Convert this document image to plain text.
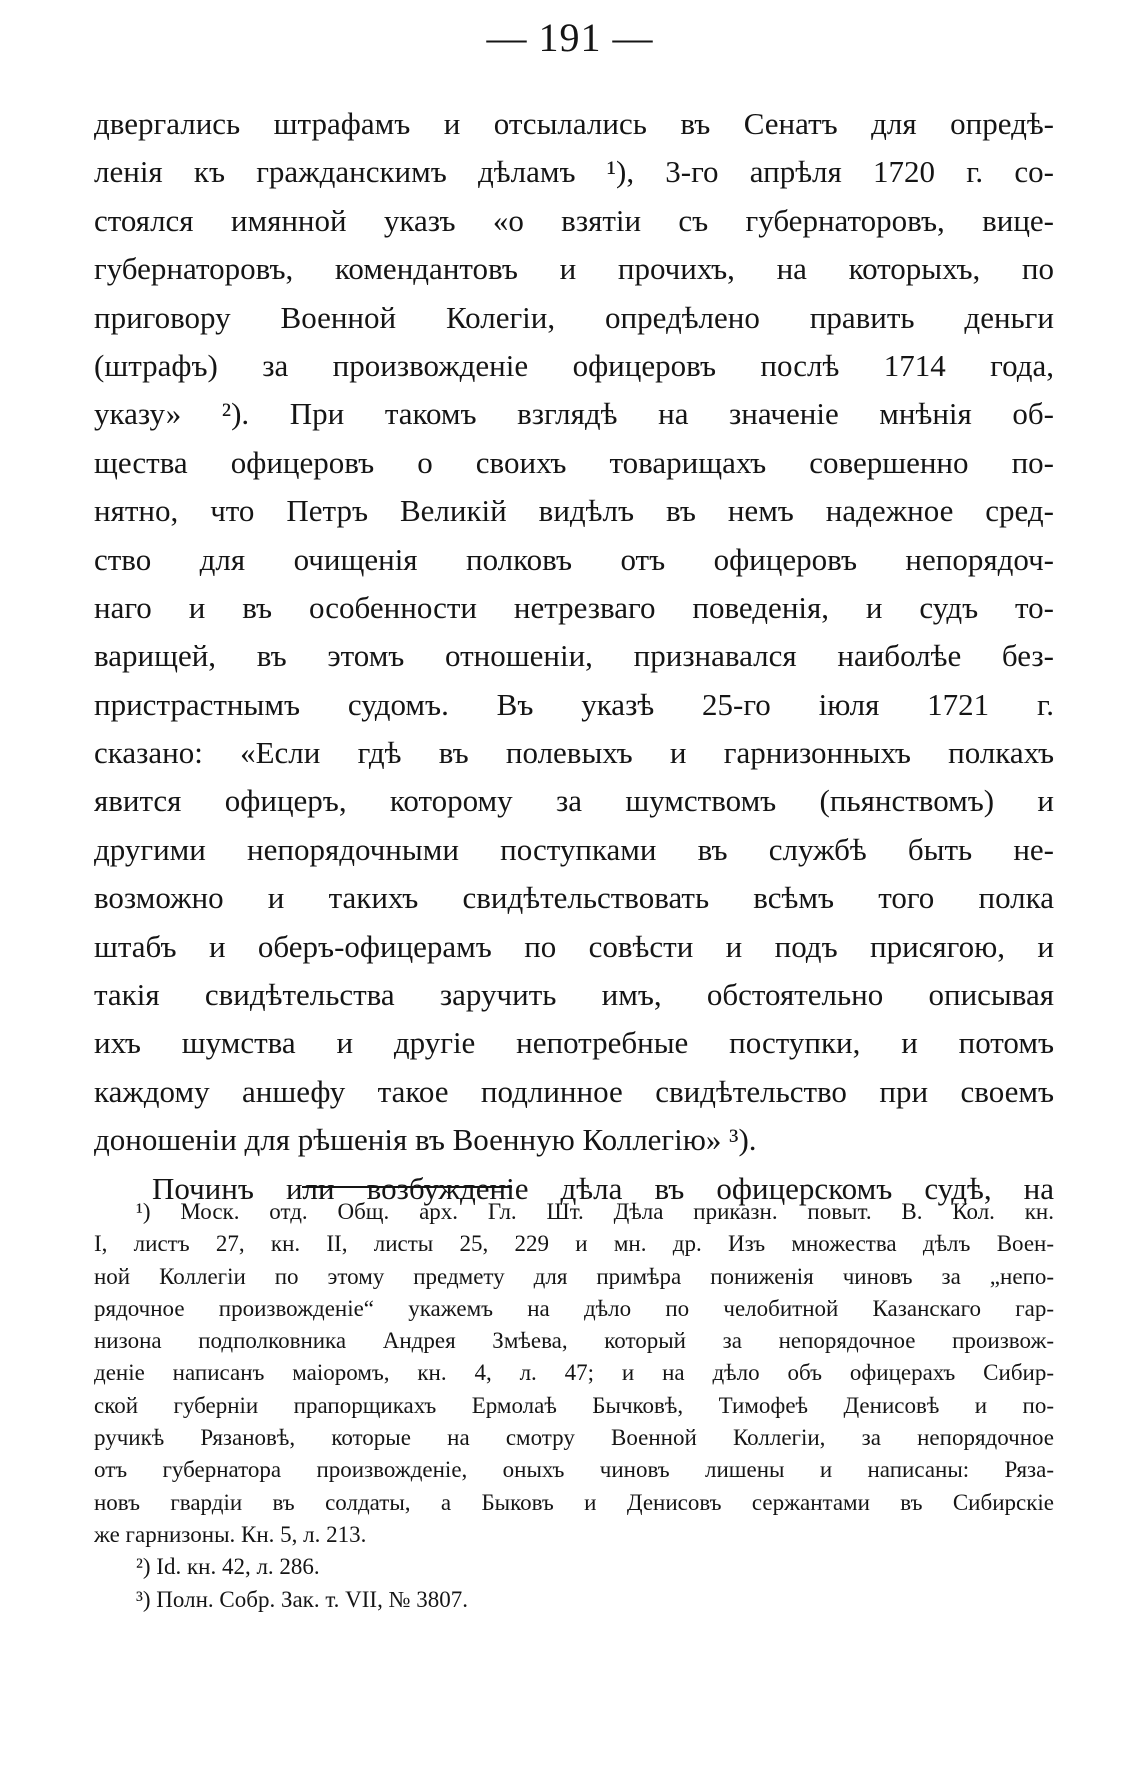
— 191 —
двергались штрафамъ и отсылались въ Сенатъ для опредѣ-
ленія къ гражданскимъ дѣламъ ¹), 3-го апрѣля 1720 г. со-
стоялся имянной указъ «о взятіи съ губернаторовъ, вице-
губернаторовъ, комендантовъ и прочихъ, на которыхъ, по
приговору Военной Колегіи, опредѣлено править деньги
(штрафъ) за произвожденіе офицеровъ послѣ 1714 года,
указу» ²). При такомъ взглядѣ на значеніе мнѣнія об-
щества офицеровъ о своихъ товарищахъ совершенно по-
нятно, что Петръ Великій видѣлъ въ немъ надежное сред-
ство для очищенія полковъ отъ офицеровъ непорядоч-
наго и въ особенности нетрезваго поведенія, и судъ то-
варищей, въ этомъ отношеніи, признавался наиболѣе без-
пристрастнымъ судомъ. Въ указѣ 25-го іюля 1721 г.
сказано: «Если гдѣ въ полевыхъ и гарнизонныхъ полкахъ
явится офицеръ, которому за шумствомъ (пьянствомъ) и
другими непорядочными поступками въ службѣ быть не-
возможно и такихъ свидѣтельствовать всѣмъ того полка
штабъ и оберъ-офицерамъ по совѣсти и подъ присягою, и
такія свидѣтельства заручить имъ, обстоятельно описывая
ихъ шумства и другіе непотребные поступки, и потомъ
каждому аншефу такое подлинное свидѣтельство при своемъ
доношеніи для рѣшенія въ Военную Коллегію» ³).
Починъ или возбужденіе дѣла въ офицерскомъ судѣ, на
¹) Моск. отд. Общ. арх. Гл. Шт. Дѣла приказн. повыт. В. Кол. кн.
I, листъ 27, кн. II, листы 25, 229 и мн. др. Изъ множества дѣлъ Воен-
ной Коллегіи по этому предмету для примѣра пониженія чиновъ за „непо-
рядочное произвожденіе“ укажемъ на дѣло по челобитной Казанскаго гар-
низона подполковника Андрея Змѣева, который за непорядочное произвож-
деніе написанъ маіоромъ, кн. 4, л. 47; и на дѣло объ офицерахъ Сибир-
ской губерніи прапорщикахъ Ермолаѣ Бычковѣ, Тимофеѣ Денисовѣ и по-
ручикѣ Рязановѣ, которые на смотру Военной Коллегіи, за непорядочное
отъ губернатора произвожденіе, оныхъ чиновъ лишены и написаны: Ряза-
новъ гвардіи въ солдаты, а Быковъ и Денисовъ сержантами въ Сибирскіе
же гарнизоны. Кн. 5, л. 213.
²) Id. кн. 42, л. 286.
³) Полн. Собр. Зак. т. VII, № 3807.
